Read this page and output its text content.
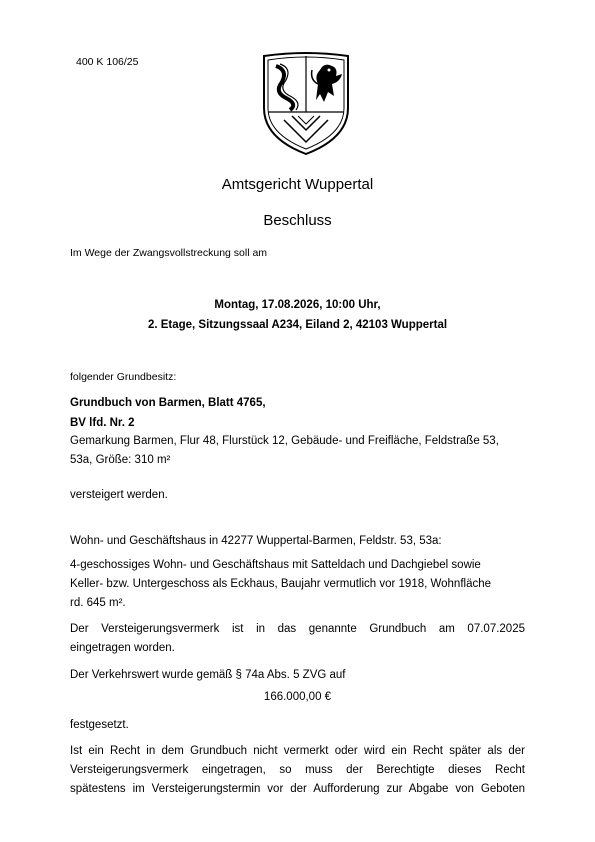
400 K 106/25
Amtsgericht Wuppertal
Beschluss
Im Wege der Zwangsvollstreckung soll am
Montag, 17.08.2026, 10:00 Uhr,
2. Etage, Sitzungssaal A234, Eiland 2, 42103 Wuppertal
folgender Grundbesitz:
Grundbuch von Barmen, Blatt 4765,
BV lfd. Nr. 2
Gemarkung Barmen, Flur 48, Flurstück 12, Gebäude- und Freifläche, Feldstraße 53,
53a, Größe: 310 m²
versteigert werden.
Wohn- und Geschäftshaus in 42277 Wuppertal-Barmen, Feldstr. 53, 53a:
4-geschossiges Wohn- und Geschäftshaus mit Satteldach und Dachgiebel sowie
Keller- bzw. Untergeschoss als Eckhaus, Baujahr vermutlich vor 1918, Wohnfläche
rd. 645 m².
Der Versteigerungsvermerk ist in das genannte Grundbuch am 07.07.2025
eingetragen worden.
Der Verkehrswert wurde gemäß § 74a Abs. 5 ZVG auf
166.000,00 €
festgesetzt.
Ist ein Recht in dem Grundbuch nicht vermerkt oder wird ein Recht später als der
Versteigerungsvermerk eingetragen, so muss der Berechtigte dieses Recht
spätestens im Versteigerungstermin vor der Aufforderung zur Abgabe von Geboten
